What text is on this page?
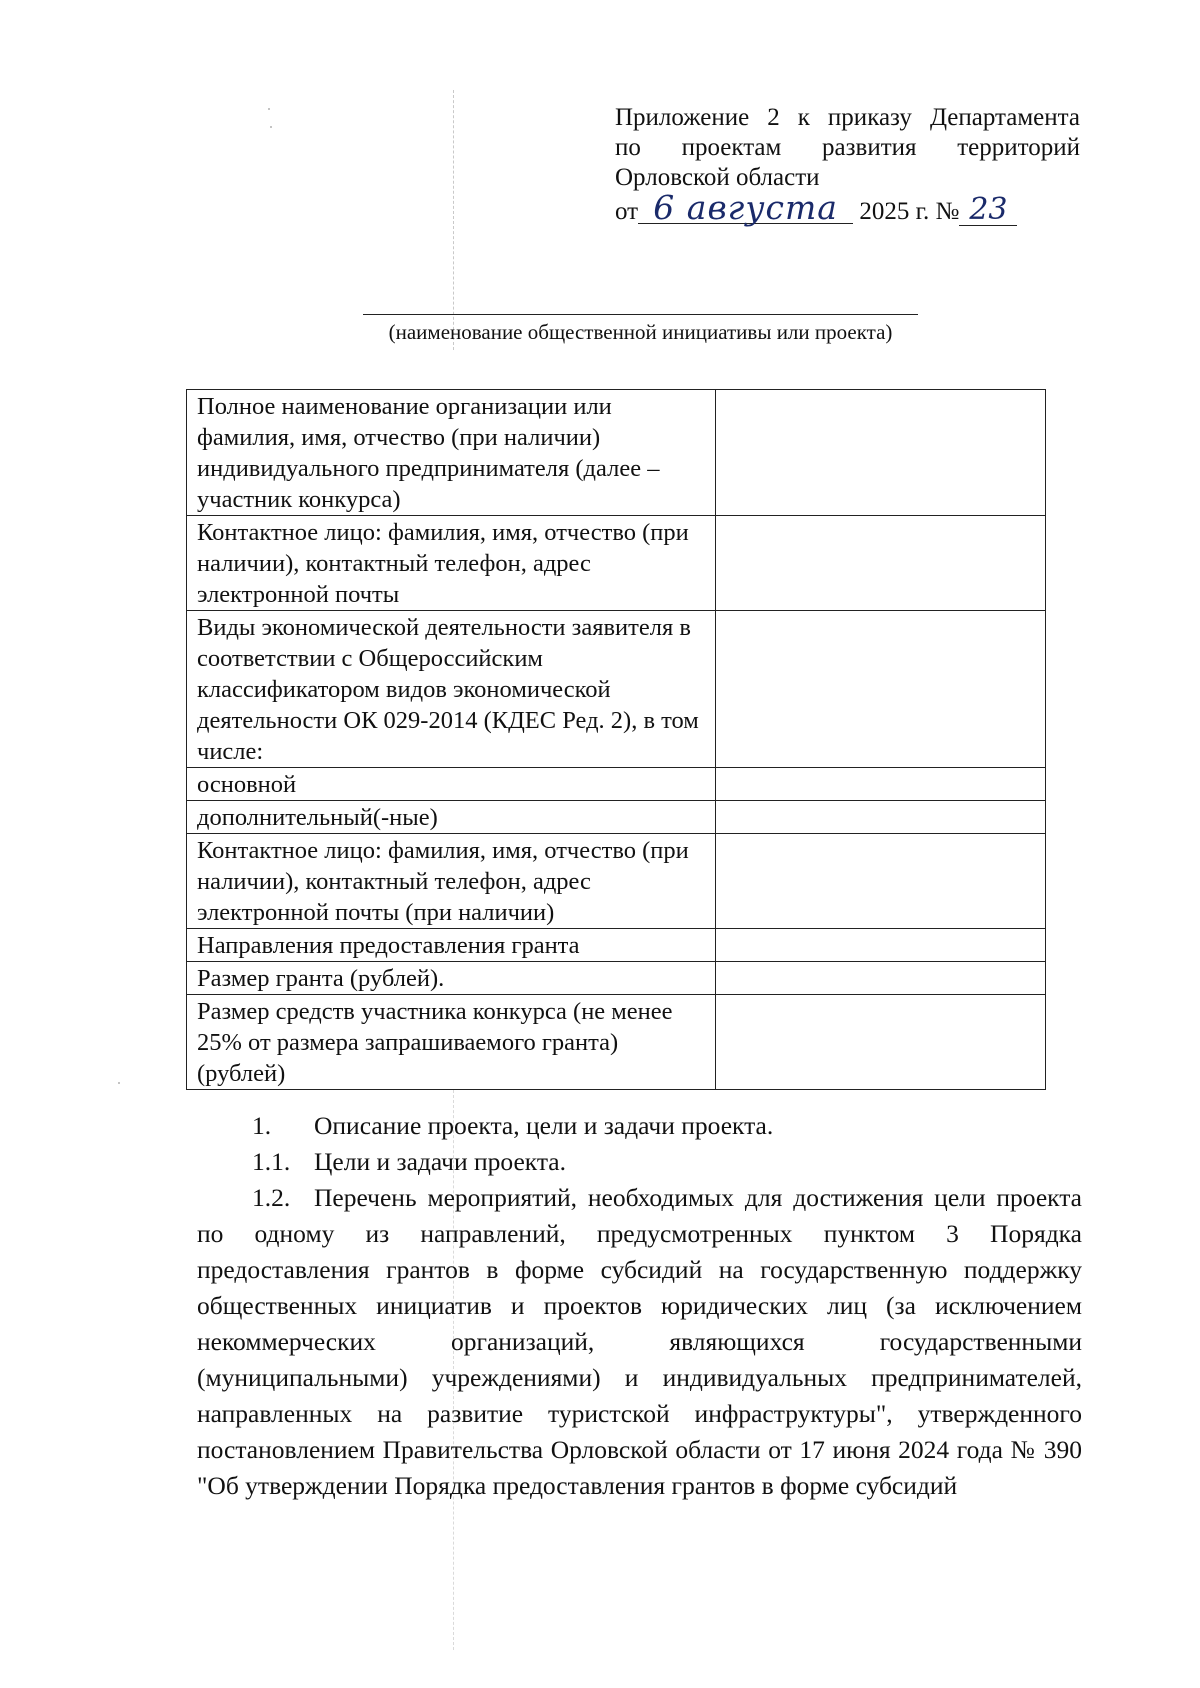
Приложение 2 к приказу Департамента
по проектам развития территорий
Орловской области
от 6 августа 2025 г. № 23
(наименование общественной инициативы или проекта)
Полное наименование организации или фамилия, имя, отчество (при наличии) индивидуального предпринимателя (далее – участник конкурса)	
Контактное лицо: фамилия, имя, отчество (при наличии), контактный телефон, адрес электронной почты	
Виды экономической деятельности заявителя в соответствии с Общероссийским классификатором видов экономической деятельности ОК 029-2014 (КДЕС Ред. 2), в том числе:	
основной	
дополнительный(-ные)	
Контактное лицо: фамилия, имя, отчество (при наличии), контактный телефон, адрес электронной почты (при наличии)	
Направления предоставления гранта	
Размер гранта (рублей).	
Размер средств участника конкурса (не менее 25% от размера запрашиваемого гранта) (рублей)	
1. Описание проекта, цели и задачи проекта.
1.1. Цели и задачи проекта.
1.2. Перечень мероприятий, необходимых для достижения цели проекта по одному из направлений, предусмотренных пунктом 3 Порядка предоставления грантов в форме субсидий на государственную поддержку общественных инициатив и проектов юридических лиц (за исключением некоммерческих организаций, являющихся государственными (муниципальными) учреждениями) и индивидуальных предпринимателей, направленных на развитие туристской инфраструктуры", утвержденного постановлением Правительства Орловской области от 17 июня 2024 года № 390 "Об утверждении Порядка предоставления грантов в форме субсидий
